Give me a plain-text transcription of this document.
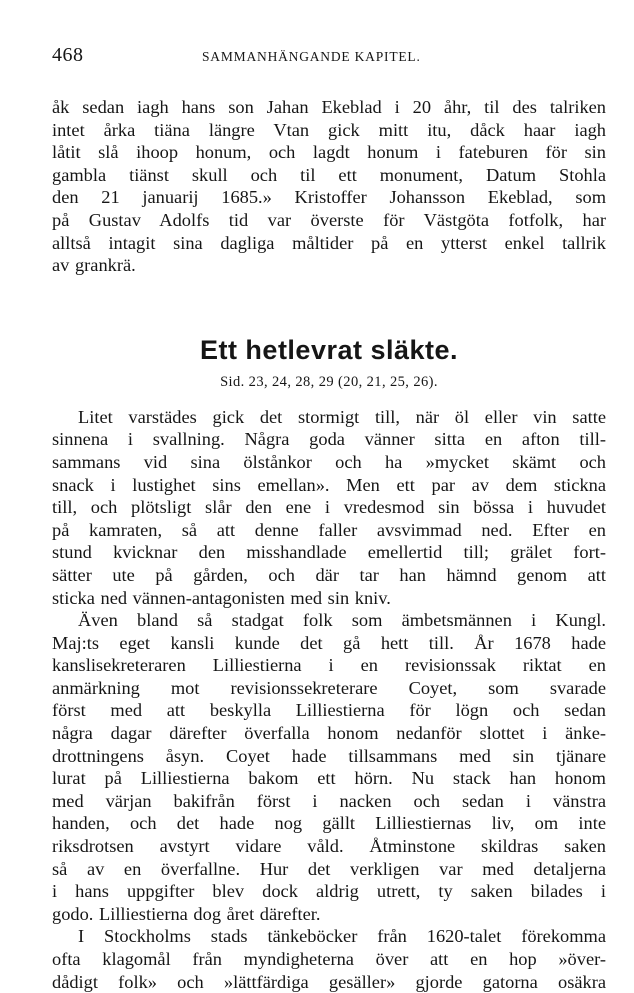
468	SAMMANHÄNGANDE KAPITEL.
åk sedan iagh hans son Jahan Ekeblad i 20 åhr, til des talriken
intet årka tiäna längre Vtan gick mitt itu, dåck haar iagh
låtit slå ihoop honum, och lagdt honum i fateburen för sin
gambla tiänst skull och til ett monument, Datum Stohla
den 21 januarij 1685.» Kristoffer Johansson Ekeblad, som
på Gustav Adolfs tid var överste för Västgöta fotfolk, har
alltså intagit sina dagliga måltider på en ytterst enkel tallrik
av grankrä.
Ett hetlevrat släkte.
Sid. 23, 24, 28, 29 (20, 21, 25, 26).
Litet varstädes gick det stormigt till, när öl eller vin satte
sinnena i svallning. Några goda vänner sitta en afton till-
sammans vid sina ölstånkor och ha »mycket skämt och
snack i lustighet sins emellan». Men ett par av dem stickna
till, och plötsligt slår den ene i vredesmod sin bössa i huvudet
på kamraten, så att denne faller avsvimmad ned. Efter en
stund kvicknar den misshandlade emellertid till; grälet fort-
sätter ute på gården, och där tar han hämnd genom att
sticka ned vännen-antagonisten med sin kniv.
Även bland så stadgat folk som ämbetsmännen i Kungl.
Maj:ts eget kansli kunde det gå hett till. År 1678 hade
kanslisekreteraren Lilliestierna i en revisionssak riktat en
anmärkning mot revisionssekreterare Coyet, som svarade
först med att beskylla Lilliestierna för lögn och sedan
några dagar därefter överfalla honom nedanför slottet i änke-
drottningens åsyn. Coyet hade tillsammans med sin tjänare
lurat på Lilliestierna bakom ett hörn. Nu stack han honom
med värjan bakifrån först i nacken och sedan i vänstra
handen, och det hade nog gällt Lilliestiernas liv, om inte
riksdrotsen avstyrt vidare våld. Åtminstone skildras saken
så av en överfallne. Hur det verkligen var med detaljerna
i hans uppgifter blev dock aldrig utrett, ty saken bilades i
godo. Lilliestierna dog året därefter.
I Stockholms stads tänkeböcker från 1620-talet förekomma
ofta klagomål från myndigheterna över att en hop »över-
dådigt folk» och »lättfärdiga gesäller» gjorde gatorna osäkra
